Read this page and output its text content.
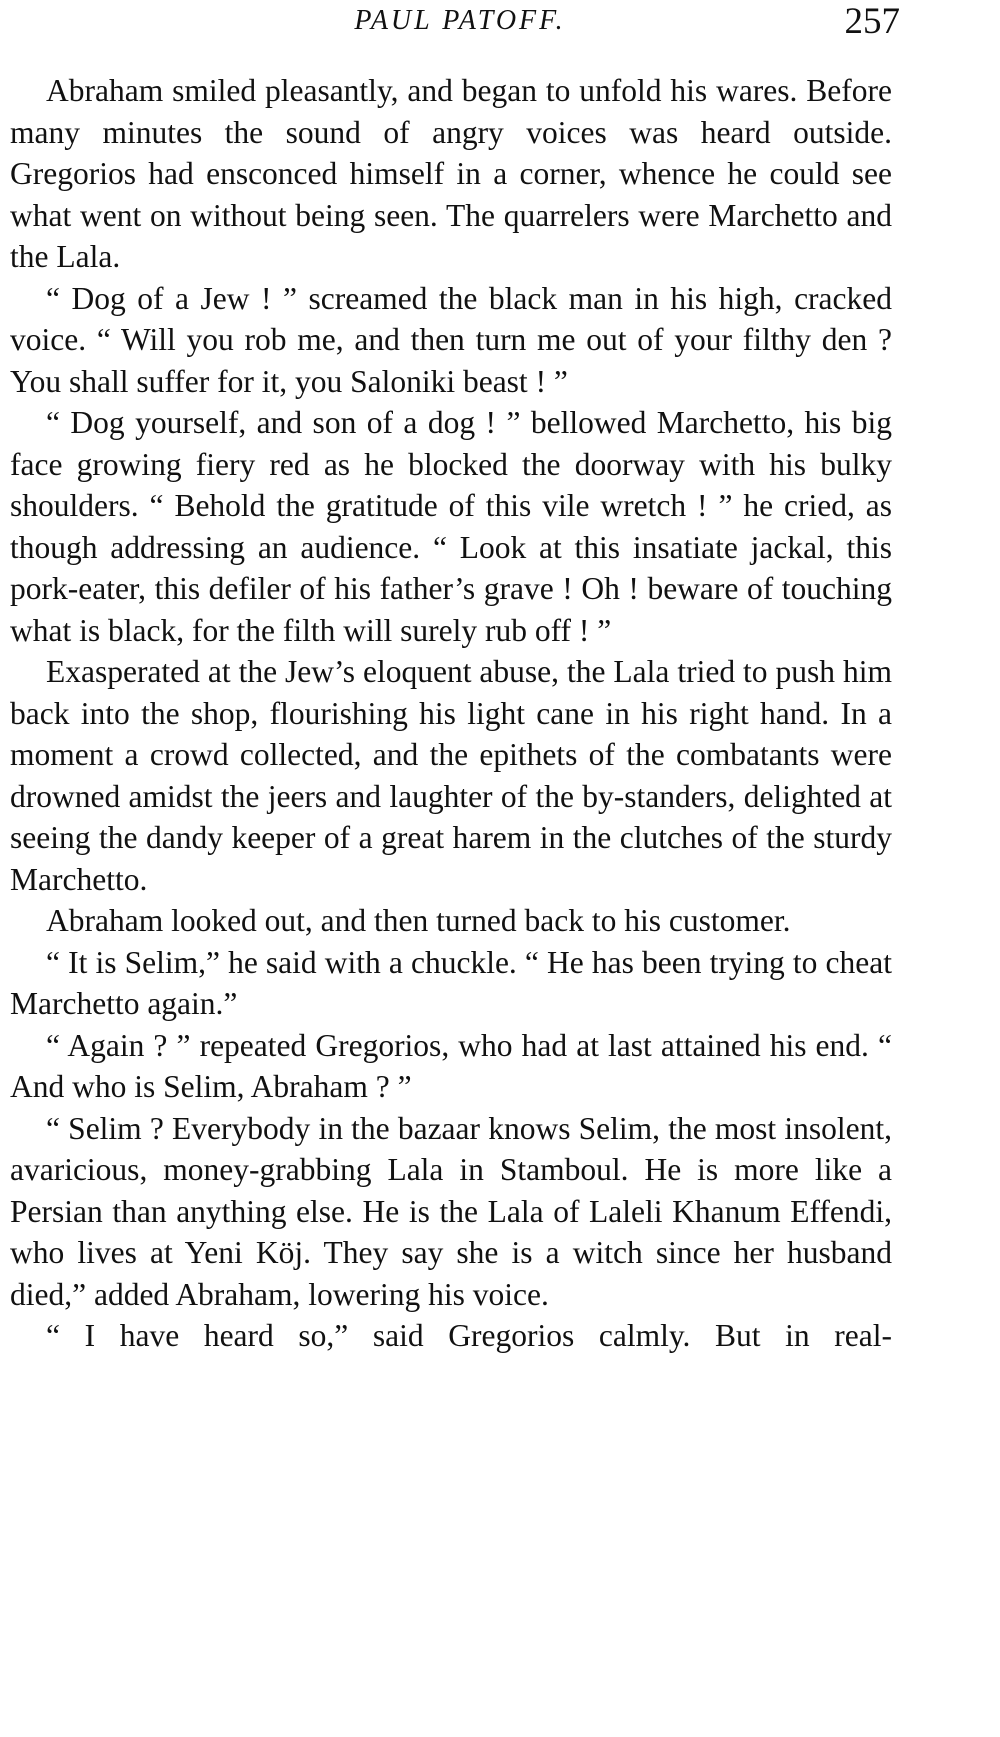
PAUL PATOFF.	257

Abraham smiled pleasantly, and began to unfold his wares. Before many minutes the sound of angry voices was heard outside. Gregorios had ensconced himself in a corner, whence he could see what went on without being seen. The quarrelers were Marchetto and the Lala.

“ Dog of a Jew ! ” screamed the black man in his high, cracked voice. “ Will you rob me, and then turn me out of your filthy den ? You shall suffer for it, you Saloniki beast ! ”

“ Dog yourself, and son of a dog ! ” bellowed Marchetto, his big face growing fiery red as he blocked the doorway with his bulky shoulders. “ Behold the gratitude of this vile wretch ! ” he cried, as though addressing an audience. “ Look at this insatiate jackal, this pork-eater, this defiler of his father’s grave ! Oh ! beware of touching what is black, for the filth will surely rub off ! ”

Exasperated at the Jew’s eloquent abuse, the Lala tried to push him back into the shop, flourishing his light cane in his right hand. In a moment a crowd collected, and the epithets of the combatants were drowned amidst the jeers and laughter of the by-standers, delighted at seeing the dandy keeper of a great harem in the clutches of the sturdy Marchetto.

Abraham looked out, and then turned back to his customer.

“ It is Selim,” he said with a chuckle. “ He has been trying to cheat Marchetto again.”

“ Again ? ” repeated Gregorios, who had at last attained his end. “ And who is Selim, Abraham ? ”

“ Selim ? Everybody in the bazaar knows Selim, the most insolent, avaricious, money-grabbing Lala in Stamboul. He is more like a Persian than anything else. He is the Lala of Laleli Khanum Effendi, who lives at Yeni Köj. They say she is a witch since her husband died,” added Abraham, lowering his voice.

“ I have heard so,” said Gregorios calmly. But in real-
